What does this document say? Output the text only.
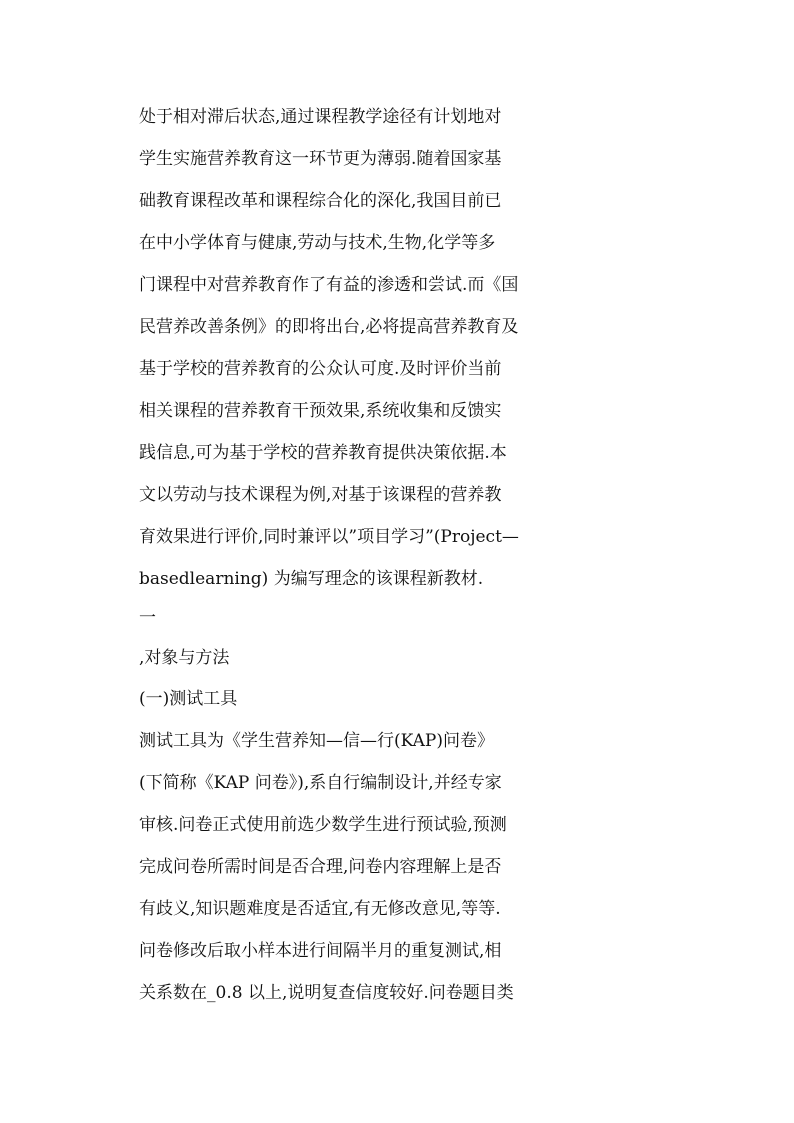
处于相对滞后状态,通过课程教学途径有计划地对
学生实施营养教育这一环节更为薄弱.随着国家基
础教育课程改革和课程综合化的深化,我国目前已
在中小学体育与健康,劳动与技术,生物,化学等多
门课程中对营养教育作了有益的渗透和尝试.而《国
民营养改善条例》的即将出台,必将提高营养教育及
基于学校的营养教育的公众认可度.及时评价当前
相关课程的营养教育干预效果,系统收集和反馈实
践信息,可为基于学校的营养教育提供决策依据.本
文以劳动与技术课程为例,对基于该课程的营养教
育效果进行评价,同时兼评以”项目学习”(Project—
basedlearning) 为编写理念的该课程新教材.
一
,对象与方法
(一)测试工具
测试工具为《学生营养知—信—行(KAP)问卷》
(下简称《KAP 问卷》),系自行编制设计,并经专家
审核.问卷正式使用前选少数学生进行预试验,预测
完成问卷所需时间是否合理,问卷内容理解上是否
有歧义,知识题难度是否适宜,有无修改意见,等等.
问卷修改后取小样本进行间隔半月的重复测试,相
关系数在_0.8 以上,说明复查信度较好.问卷题目类
